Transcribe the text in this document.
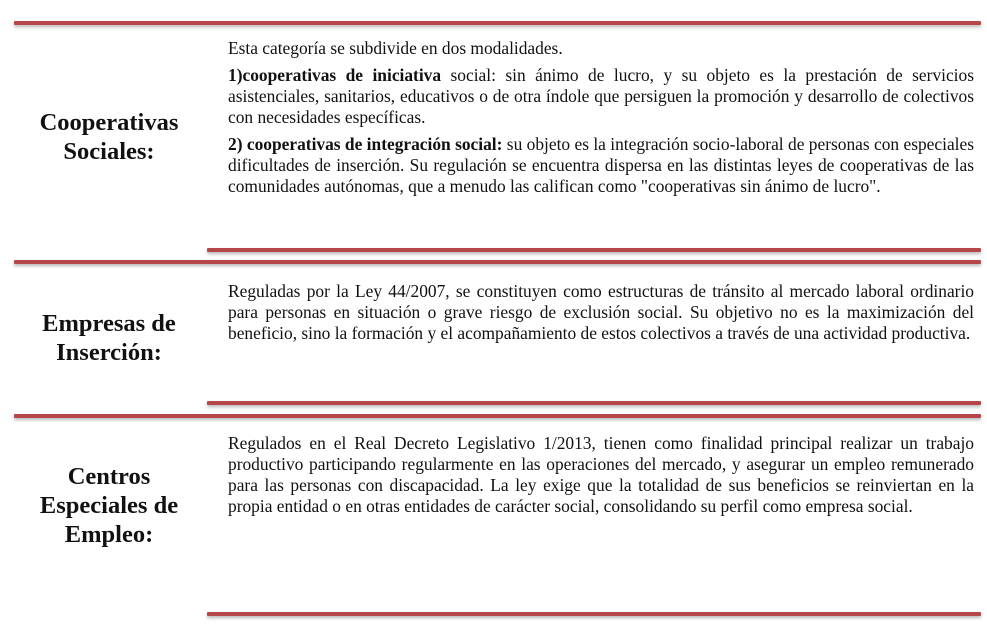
Cooperativas
Sociales:

Esta categoría se subdivide en dos modalidades.

1)cooperativas de iniciativa social: sin ánimo de lucro, y su objeto es la prestación de servicios asistenciales, sanitarios, educativos o de otra índole que persiguen la promoción y desarrollo de colectivos con necesidades específicas.

2) cooperativas de integración social: su objeto es la integración socio-laboral de personas con especiales dificultades de inserción. Su regulación se encuentra dispersa en las distintas leyes de cooperativas de las comunidades autónomas, que a menudo las califican como "cooperativas sin ánimo de lucro".

Empresas de
Inserción:

Reguladas por la Ley 44/2007, se constituyen como estructuras de tránsito al mercado laboral ordinario para personas en situación o grave riesgo de exclusión social. Su objetivo no es la maximización del beneficio, sino la formación y el acompañamiento de estos colectivos a través de una actividad productiva.

Centros
Especiales de
Empleo:

Regulados en el Real Decreto Legislativo 1/2013, tienen como finalidad principal realizar un trabajo productivo participando regularmente en las operaciones del mercado, y asegurar un empleo remunerado para las personas con discapacidad. La ley exige que la totalidad de sus beneficios se reinviertan en la propia entidad o en otras entidades de carácter social, consolidando su perfil como empresa social.
